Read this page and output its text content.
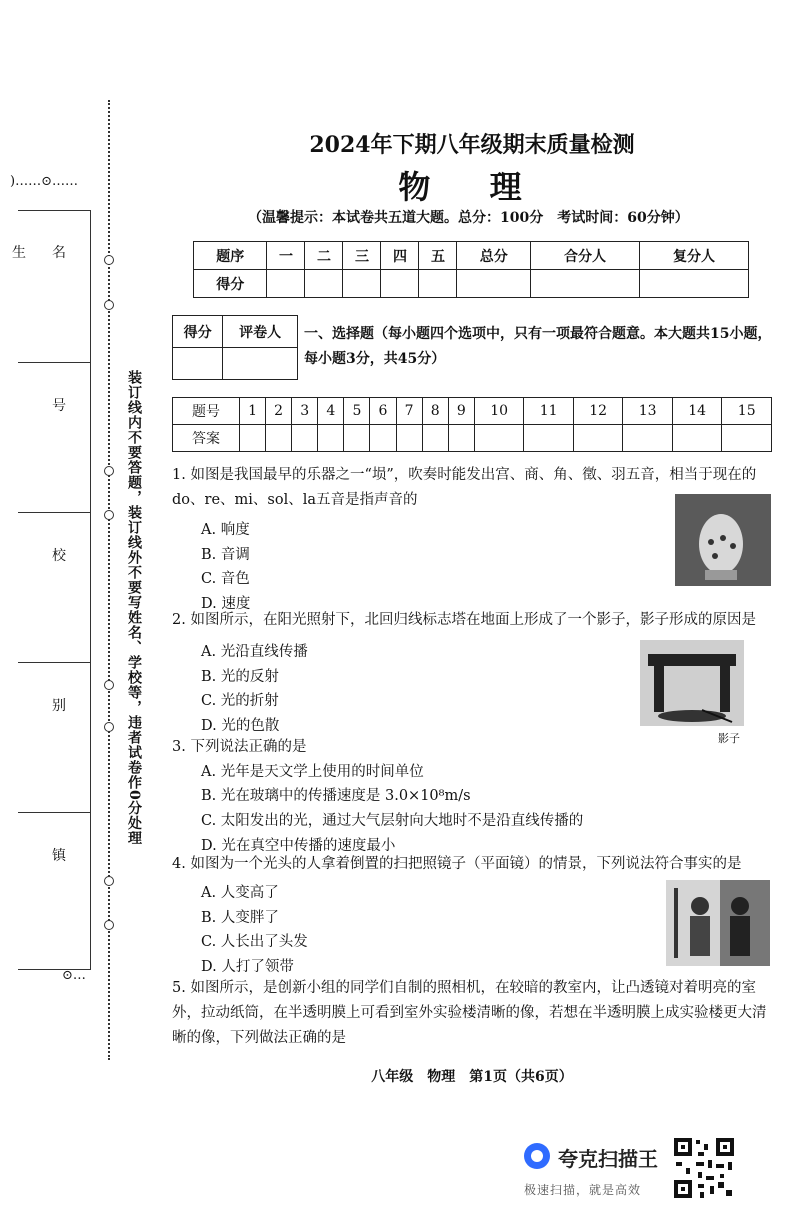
)……⊙……
生 名
号
校
别
镇
装订线内不要答题，装订线外不要写姓名、学校等，违者试卷作0分处理
⊙…
2024年下期八年级期末质量检测
物 理
（温馨提示：本试卷共五道大题。总分：100分　考试时间：60分钟）
题序	一	二	三	四	五	总分	合分人	复分人
得分								
得分	评卷人
	一、选择题（每小题四个选项中，只有一项最符合题意。本大题共15小题，每小题3分，共45分）
题号	1	2	3	4	5	6	7	8	9	10	11	12	13	14	15
答案															
1. 如图是我国最早的乐器之一“埙”，吹奏时能发出宫、商、角、徵、羽五音，相当于现在的do、re、mi、sol、la五音是指声音的
A. 响度
B. 音调
C. 音色
D. 速度
2. 如图所示，在阳光照射下，北回归线标志塔在地面上形成了一个影子，影子形成的原因是
A. 光沿直线传播
B. 光的反射
C. 光的折射
D. 光的色散
影子
3. 下列说法正确的是
A. 光年是天文学上使用的时间单位
B. 光在玻璃中的传播速度是 3.0×10⁸m/s
C. 太阳发出的光，通过大气层射向大地时不是沿直线传播的
D. 光在真空中传播的速度最小
4. 如图为一个光头的人拿着倒置的扫把照镜子（平面镜）的情景，下列说法符合事实的是
A. 人变高了
B. 人变胖了
C. 人长出了头发
D. 人打了领带
5. 如图所示，是创新小组的同学们自制的照相机，在较暗的教室内，让凸透镜对着明亮的室外，拉动纸筒，在半透明膜上可看到室外实验楼清晰的像，若想在半透明膜上成实验楼更大清晰的像，下列做法正确的是
八年级　物理　第1页（共6页）
夸克扫描王
极速扫描，就是高效
